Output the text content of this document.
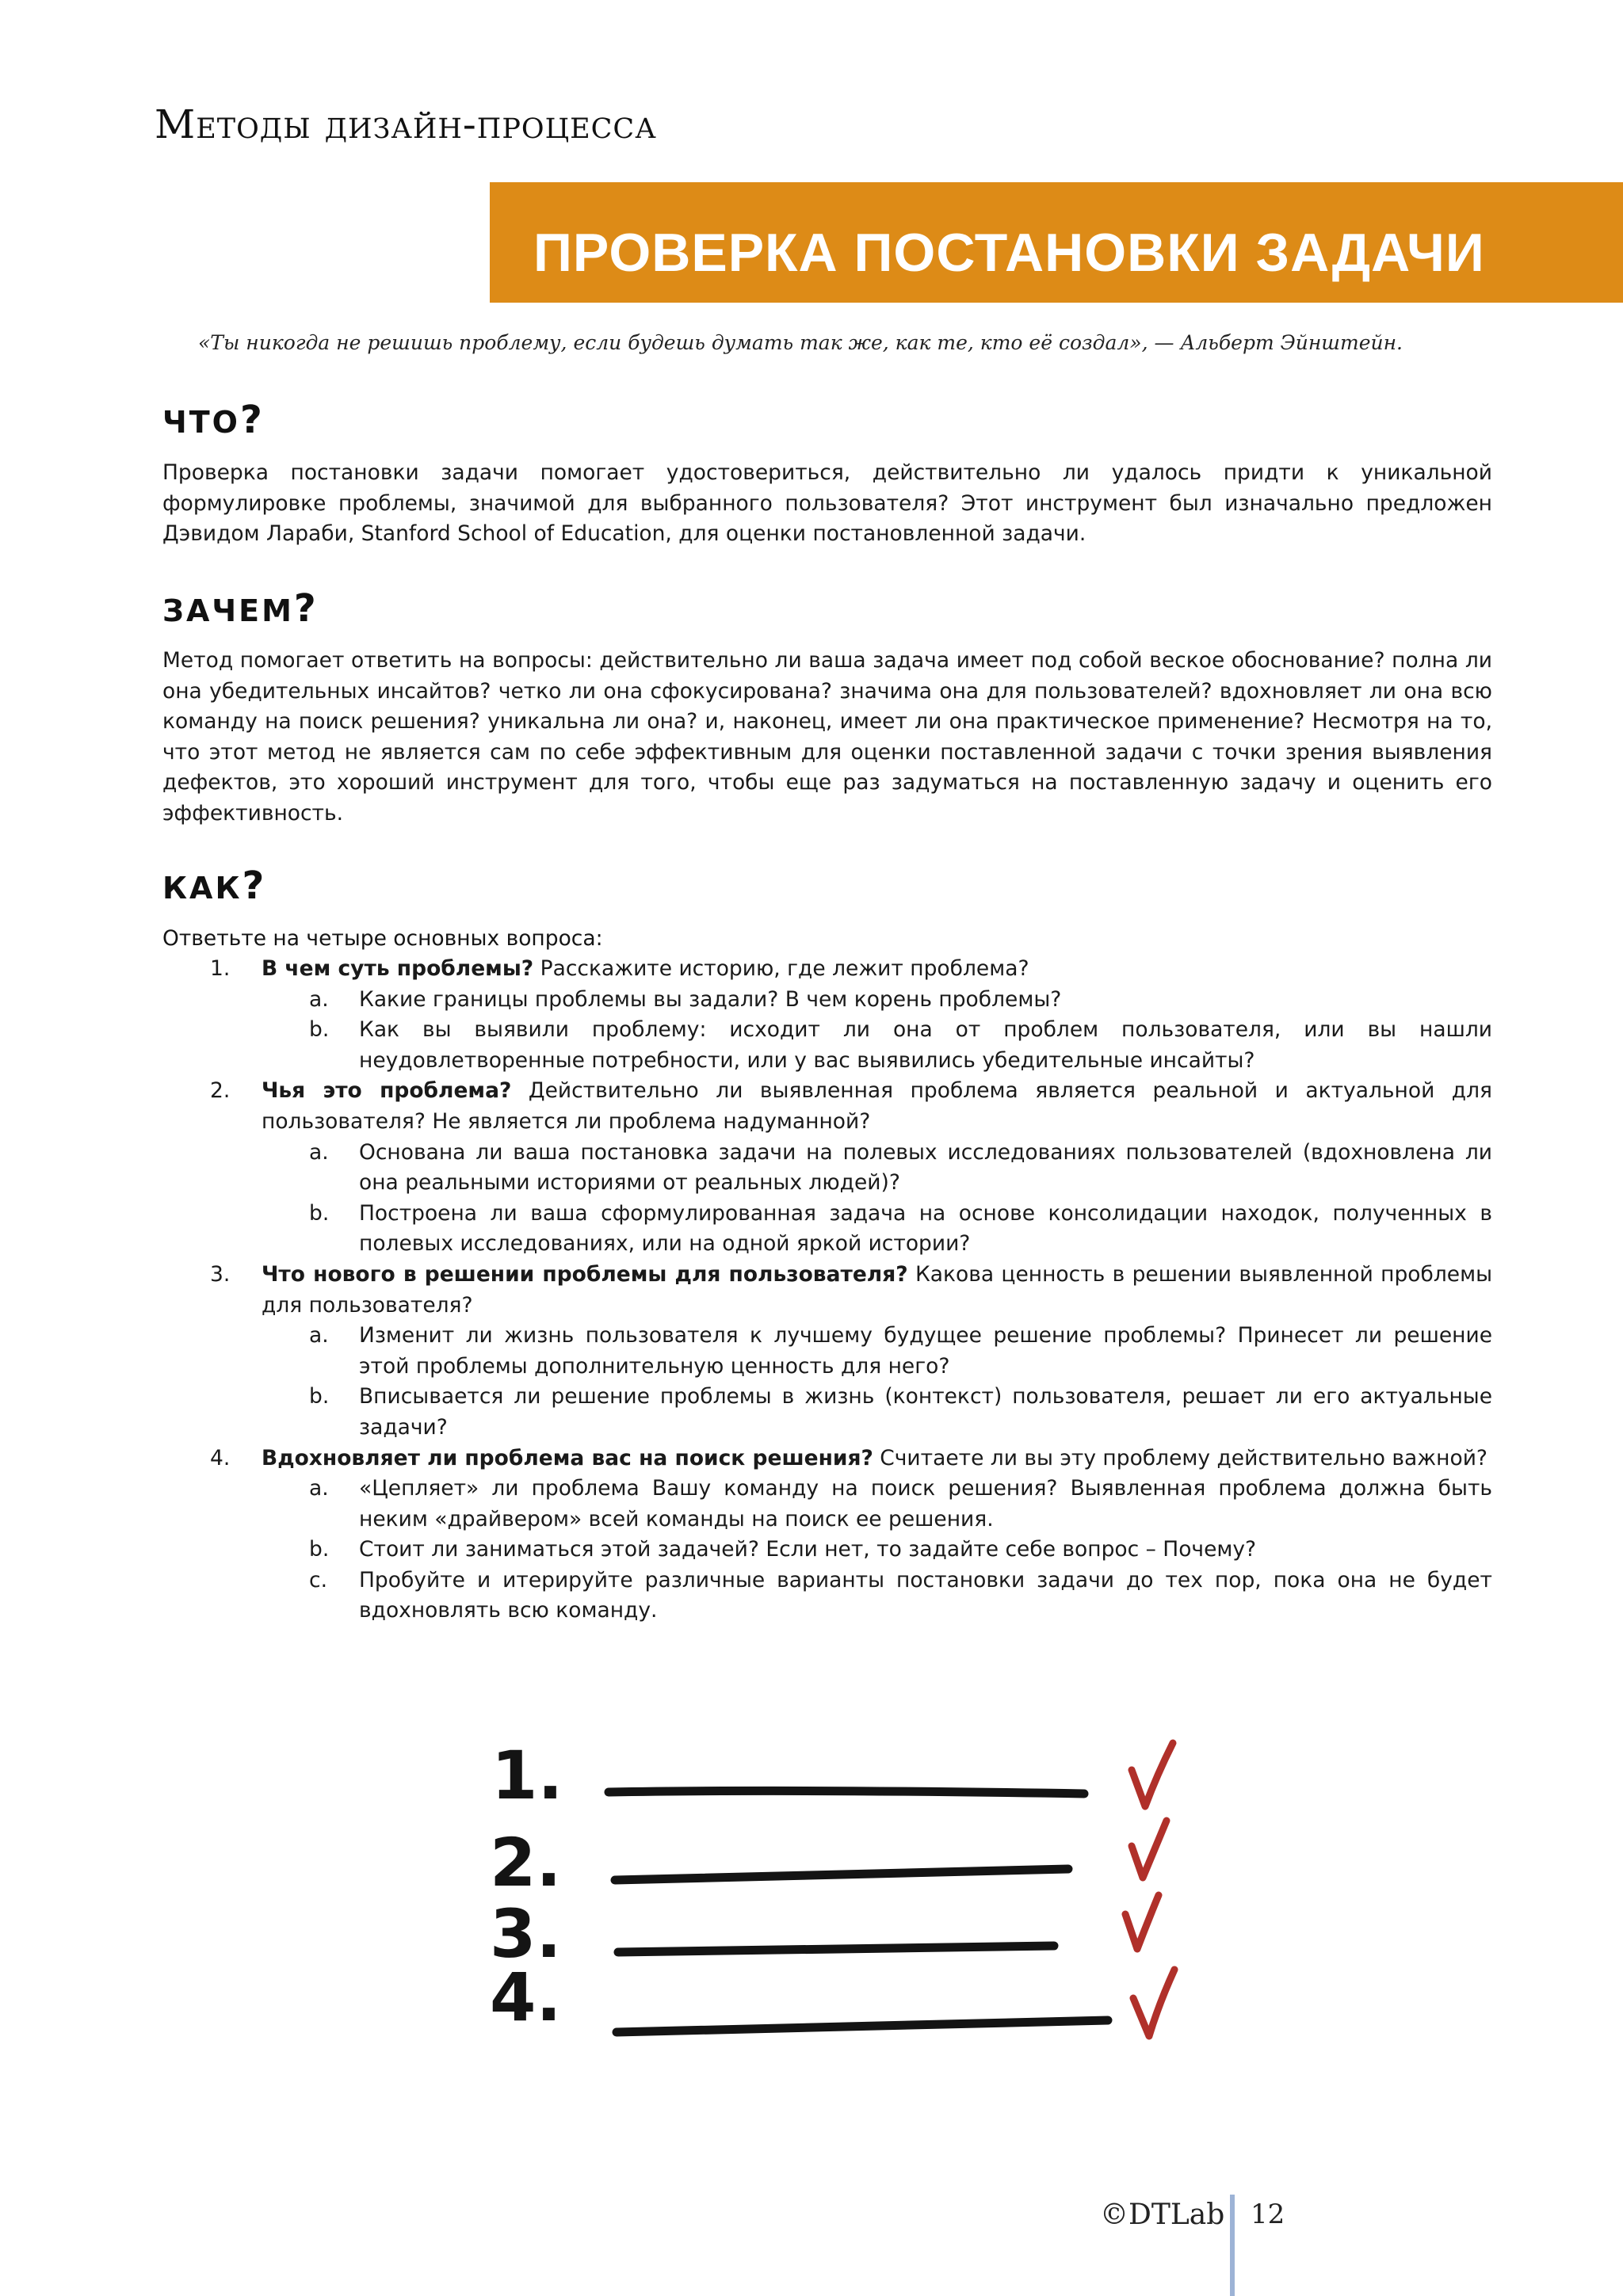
Методы дизайн-процесса
ПРОВЕРКА ПОСТАНОВКИ ЗАДАЧИ
«Ты никогда не решишь проблему, если будешь думать так же, как те, кто её создал», — Альберт Эйнштейн.
ЧТО?
Проверка постановки задачи помогает удостовериться, действительно ли удалось придти к уникальной формулировке проблемы, значимой для выбранного пользователя? Этот инструмент был изначально предложен Дэвидом Лараби, Stanford School of Education, для оценки постановленной задачи.
ЗАЧЕМ?
Метод помогает ответить на вопросы: действительно ли ваша задача имеет под собой веское обоснование? полна ли она убедительных инсайтов? четко ли она сфокусирована? значима она для пользователей? вдохновляет ли она всю команду на поиск решения? уникальна ли она? и, наконец, имеет ли она практическое применение? Несмотря на то, что этот метод не является сам по себе эффективным для оценки поставленной задачи с точки зрения выявления дефектов, это хороший инструмент для того, чтобы еще раз задуматься на поставленную задачу и оценить его эффективность.
КАК?
Ответьте на четыре основных вопроса:
1. В чем суть проблемы? Расскажите историю, где лежит проблема?
a. Какие границы проблемы вы задали? В чем корень проблемы?
b. Как вы выявили проблему: исходит ли она от проблем пользователя, или вы нашли неудовлетворенные потребности, или у вас выявились убедительные инсайты?
2. Чья это проблема? Действительно ли выявленная проблема является реальной и актуальной для пользователя? Не является ли проблема надуманной?
a. Основана ли ваша постановка задачи на полевых исследованиях пользователей (вдохновлена ли она реальными историями от реальных людей)?
b. Построена ли ваша сформулированная задача на основе консолидации находок, полученных в полевых исследованиях, или на одной яркой истории?
3. Что нового в решении проблемы для пользователя? Какова ценность в решении выявленной проблемы для пользователя?
a. Изменит ли жизнь пользователя к лучшему будущее решение проблемы? Принесет ли решение этой проблемы дополнительную ценность для него?
b. Вписывается ли решение проблемы в жизнь (контекст) пользователя, решает ли его актуальные задачи?
4. Вдохновляет ли проблема вас на поиск решения? Считаете ли вы эту проблему действительно важной?
a. «Цепляет» ли проблема Вашу команду на поиск решения? Выявленная проблема должна быть неким «драйвером» всей команды на поиск ее решения.
b. Стоит ли заниматься этой задачей? Если нет, то задайте себе вопрос – Почему?
c. Пробуйте и итерируйте различные варианты постановки задачи до тех пор, пока она не будет вдохновлять всю команду.
1.
2.
3.
4.
©DTLab 12
